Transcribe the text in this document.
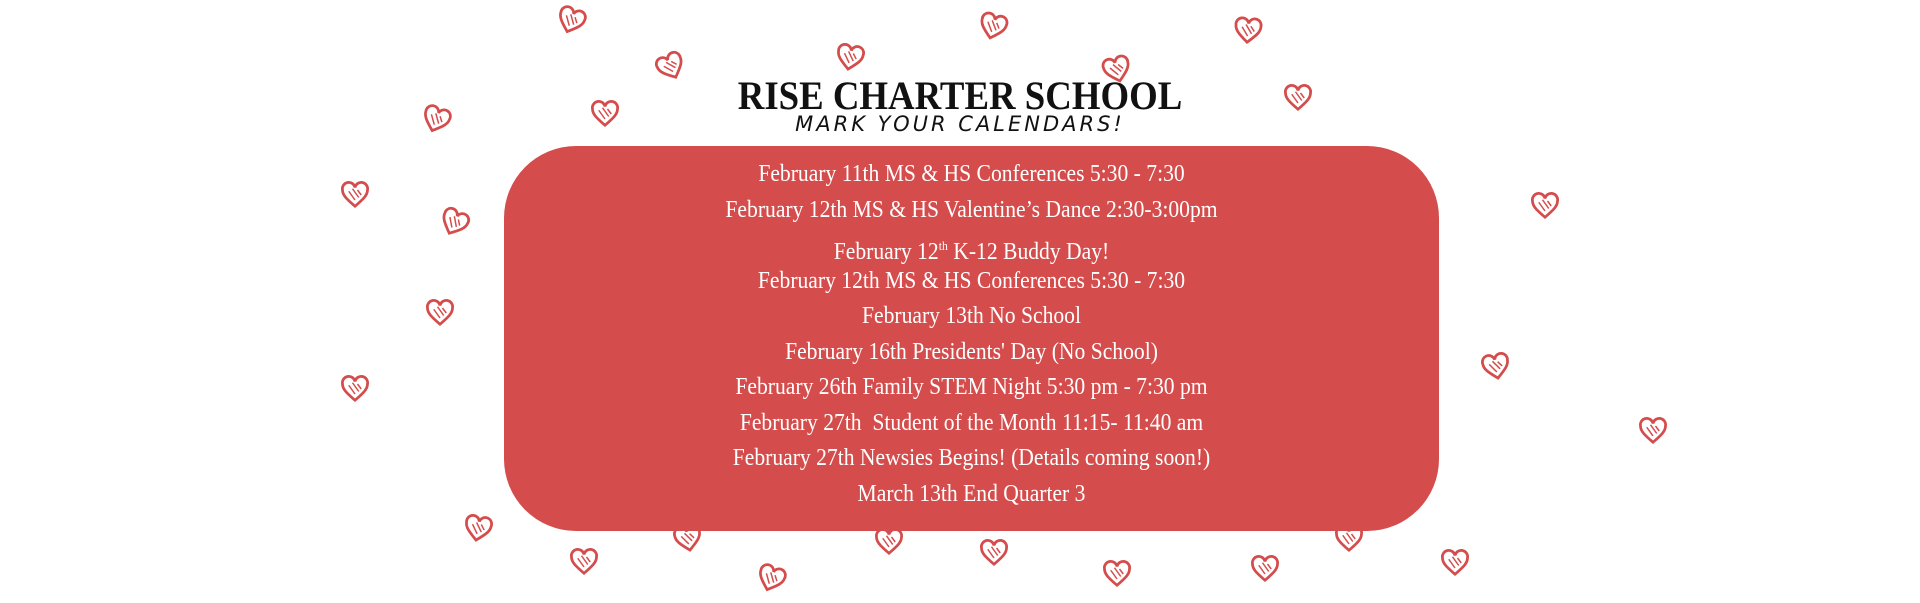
RISE CHARTER SCHOOL
MARK YOUR CALENDARS!
February 11th MS & HS Conferences 5:30 - 7:30
February 12th MS & HS Valentine’s Dance 2:30-3:00pm
February 12th K-12 Buddy Day!
February 12th MS & HS Conferences 5:30 - 7:30
February 13th No School
February 16th Presidents' Day (No School)
February 26th Family STEM Night 5:30 pm - 7:30 pm
February 27th  Student of the Month 11:15- 11:40 am
February 27th Newsies Begins! (Details coming soon!)
March 13th End Quarter 3
